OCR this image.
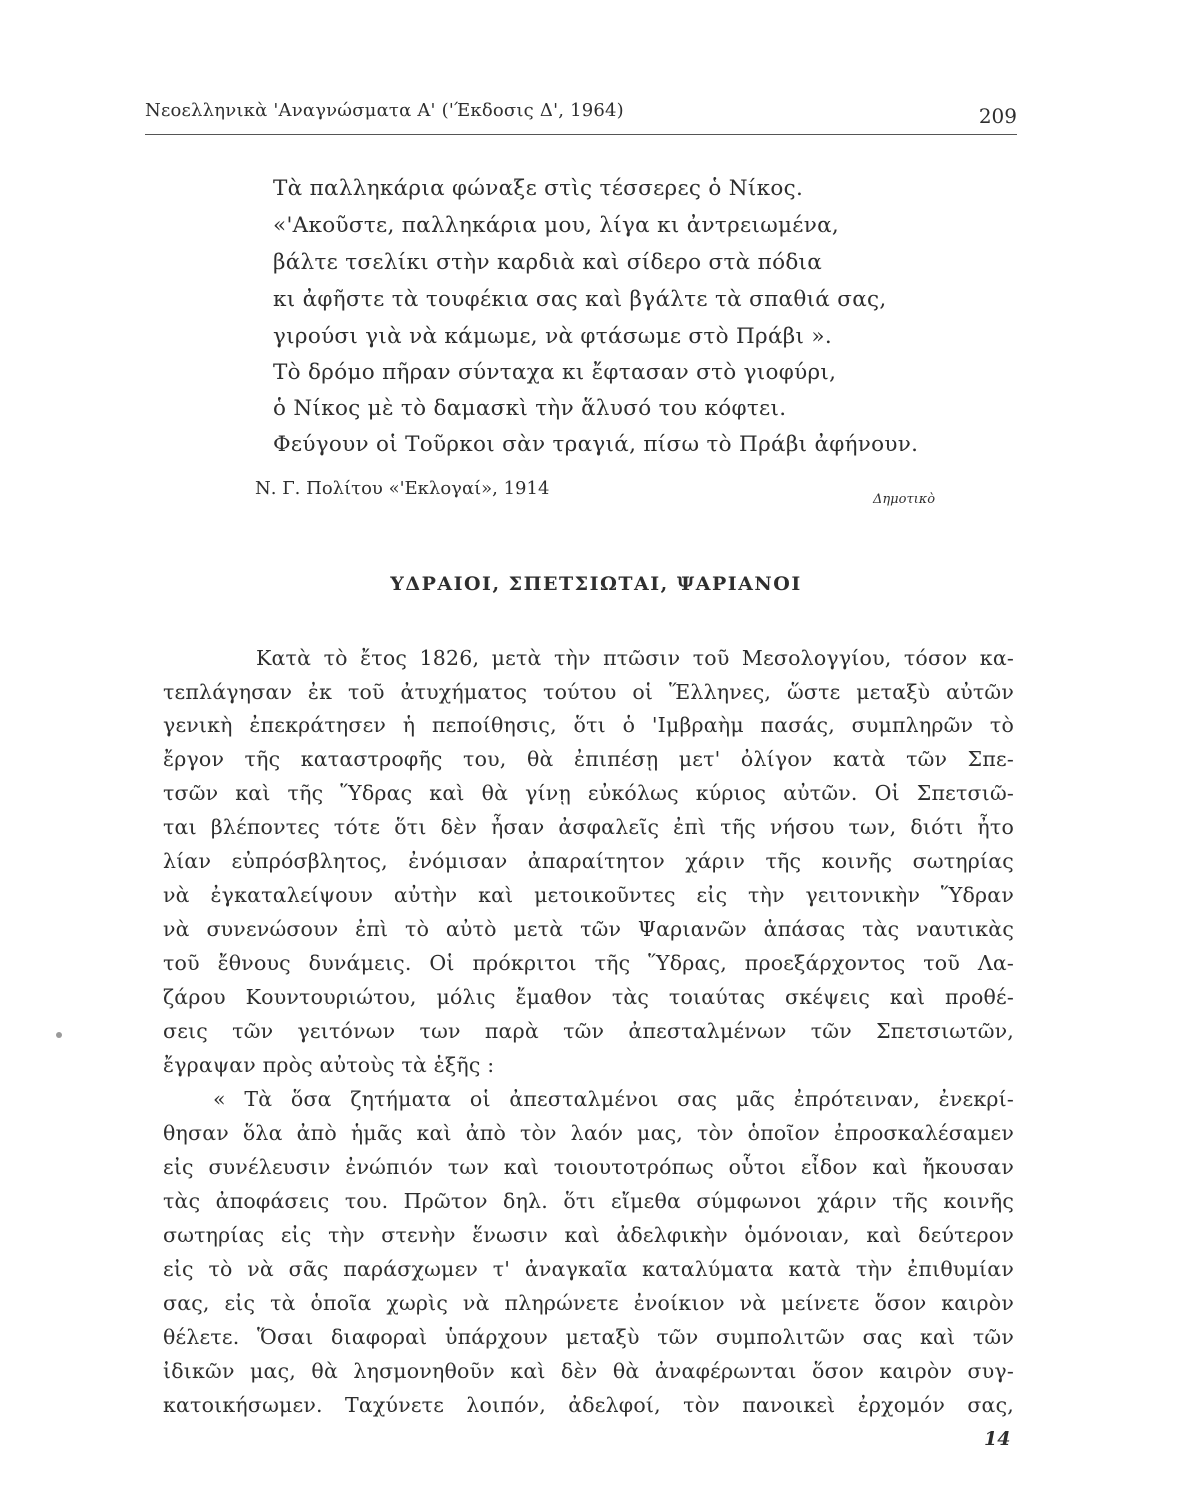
Νεοελληνικὰ 'Αναγνώσματα Α' ('Έκδοσις Δ', 1964)	209
Τὰ παλληκάρια φώναξε στὶς τέσσερες ὁ Νίκος.
«'Ακοῦστε, παλληκάρια μου, λίγα κι ἀντρειωμένα,
βάλτε τσελίκι στὴν καρδιὰ καὶ σίδερο στὰ πόδια
κι ἀφῆστε τὰ τουφέκια σας καὶ βγάλτε τὰ σπαθιά σας,
γιρούσι γιὰ νὰ κάμωμε, νὰ φτάσωμε στὸ Πράβι ».
Τὸ δρόμο πῆραν σύνταχα κι ἔφτασαν στὸ γιοφύρι,
ὁ Νίκος μὲ τὸ δαμασκὶ τὴν ἅλυσό του κόφτει.
Φεύγουν οἱ Τοῦρκοι σὰν τραγιά, πίσω τὸ Πράβι ἀφήνουν.
Ν. Γ. Πολίτου «'Εκλογαί», 1914
Δημοτικὸ
ΥΔΡΑΙΟΙ, ΣΠΕΤΣΙΩΤΑΙ, ΨΑΡΙΑΝΟΙ
Κατὰ τὸ ἔτος 1826, μετὰ τὴν πτῶσιν τοῦ Μεσολογγίου, τόσον κα-
τεπλάγησαν ἐκ τοῦ ἀτυχήματος τούτου οἱ Ἕλληνες, ὥστε μεταξὺ αὐτῶν
γενικὴ ἐπεκράτησεν ἡ πεποίθησις, ὅτι ὁ 'Ιμβραὴμ πασάς, συμπληρῶν τὸ
ἔργον τῆς καταστροφῆς του, θὰ ἐπιπέσῃ μετ' ὀλίγον κατὰ τῶν Σπε-
τσῶν καὶ τῆς Ὕδρας καὶ θὰ γίνῃ εὐκόλως κύριος αὐτῶν. Οἱ Σπετσιῶ-
ται βλέποντες τότε ὅτι δὲν ἦσαν ἀσφαλεῖς ἐπὶ τῆς νήσου των, διότι ἦτο
λίαν εὐπρόσβλητος, ἐνόμισαν ἀπαραίτητον χάριν τῆς κοινῆς σωτηρίας
νὰ ἐγκαταλείψουν αὐτὴν καὶ μετοικοῦντες εἰς τὴν γειτονικὴν Ὕδραν
νὰ συνενώσουν ἐπὶ τὸ αὐτὸ μετὰ τῶν Ψαριανῶν ἁπάσας τὰς ναυτικὰς
τοῦ ἔθνους δυνάμεις. Οἱ πρόκριτοι τῆς Ὕδρας, προεξάρχοντος τοῦ Λα-
ζάρου Κουντουριώτου, μόλις ἔμαθον τὰς τοιαύτας σκέψεις καὶ προθέ-
σεις τῶν γειτόνων των παρὰ τῶν ἀπεσταλμένων τῶν Σπετσιωτῶν,
ἔγραψαν πρὸς αὐτοὺς τὰ ἑξῆς :
« Τὰ ὅσα ζητήματα οἱ ἀπεσταλμένοι σας μᾶς ἐπρότειναν, ἐνεκρί-
θησαν ὅλα ἀπὸ ἡμᾶς καὶ ἀπὸ τὸν λαόν μας, τὸν ὁποῖον ἐπροσκαλέσαμεν
εἰς συνέλευσιν ἐνώπιόν των καὶ τοιουτοτρόπως οὗτοι εἶδον καὶ ἤκουσαν
τὰς ἀποφάσεις του. Πρῶτον δηλ. ὅτι εἴμεθα σύμφωνοι χάριν τῆς κοινῆς
σωτηρίας εἰς τὴν στενὴν ἕνωσιν καὶ ἀδελφικὴν ὁμόνοιαν, καὶ δεύτερον
εἰς τὸ νὰ σᾶς παράσχωμεν τ' ἀναγκαῖα καταλύματα κατὰ τὴν ἐπιθυμίαν
σας, εἰς τὰ ὁποῖα χωρὶς νὰ πληρώνετε ἐνοίκιον νὰ μείνετε ὅσον καιρὸν
θέλετε. Ὅσαι διαφοραὶ ὑπάρχουν μεταξὺ τῶν συμπολιτῶν σας καὶ τῶν
ἰδικῶν μας, θὰ λησμονηθοῦν καὶ δὲν θὰ ἀναφέρωνται ὅσον καιρὸν συγ-
κατοικήσωμεν. Ταχύνετε λοιπόν, ἀδελφοί, τὸν πανοικεὶ ἐρχομόν σας,
14
